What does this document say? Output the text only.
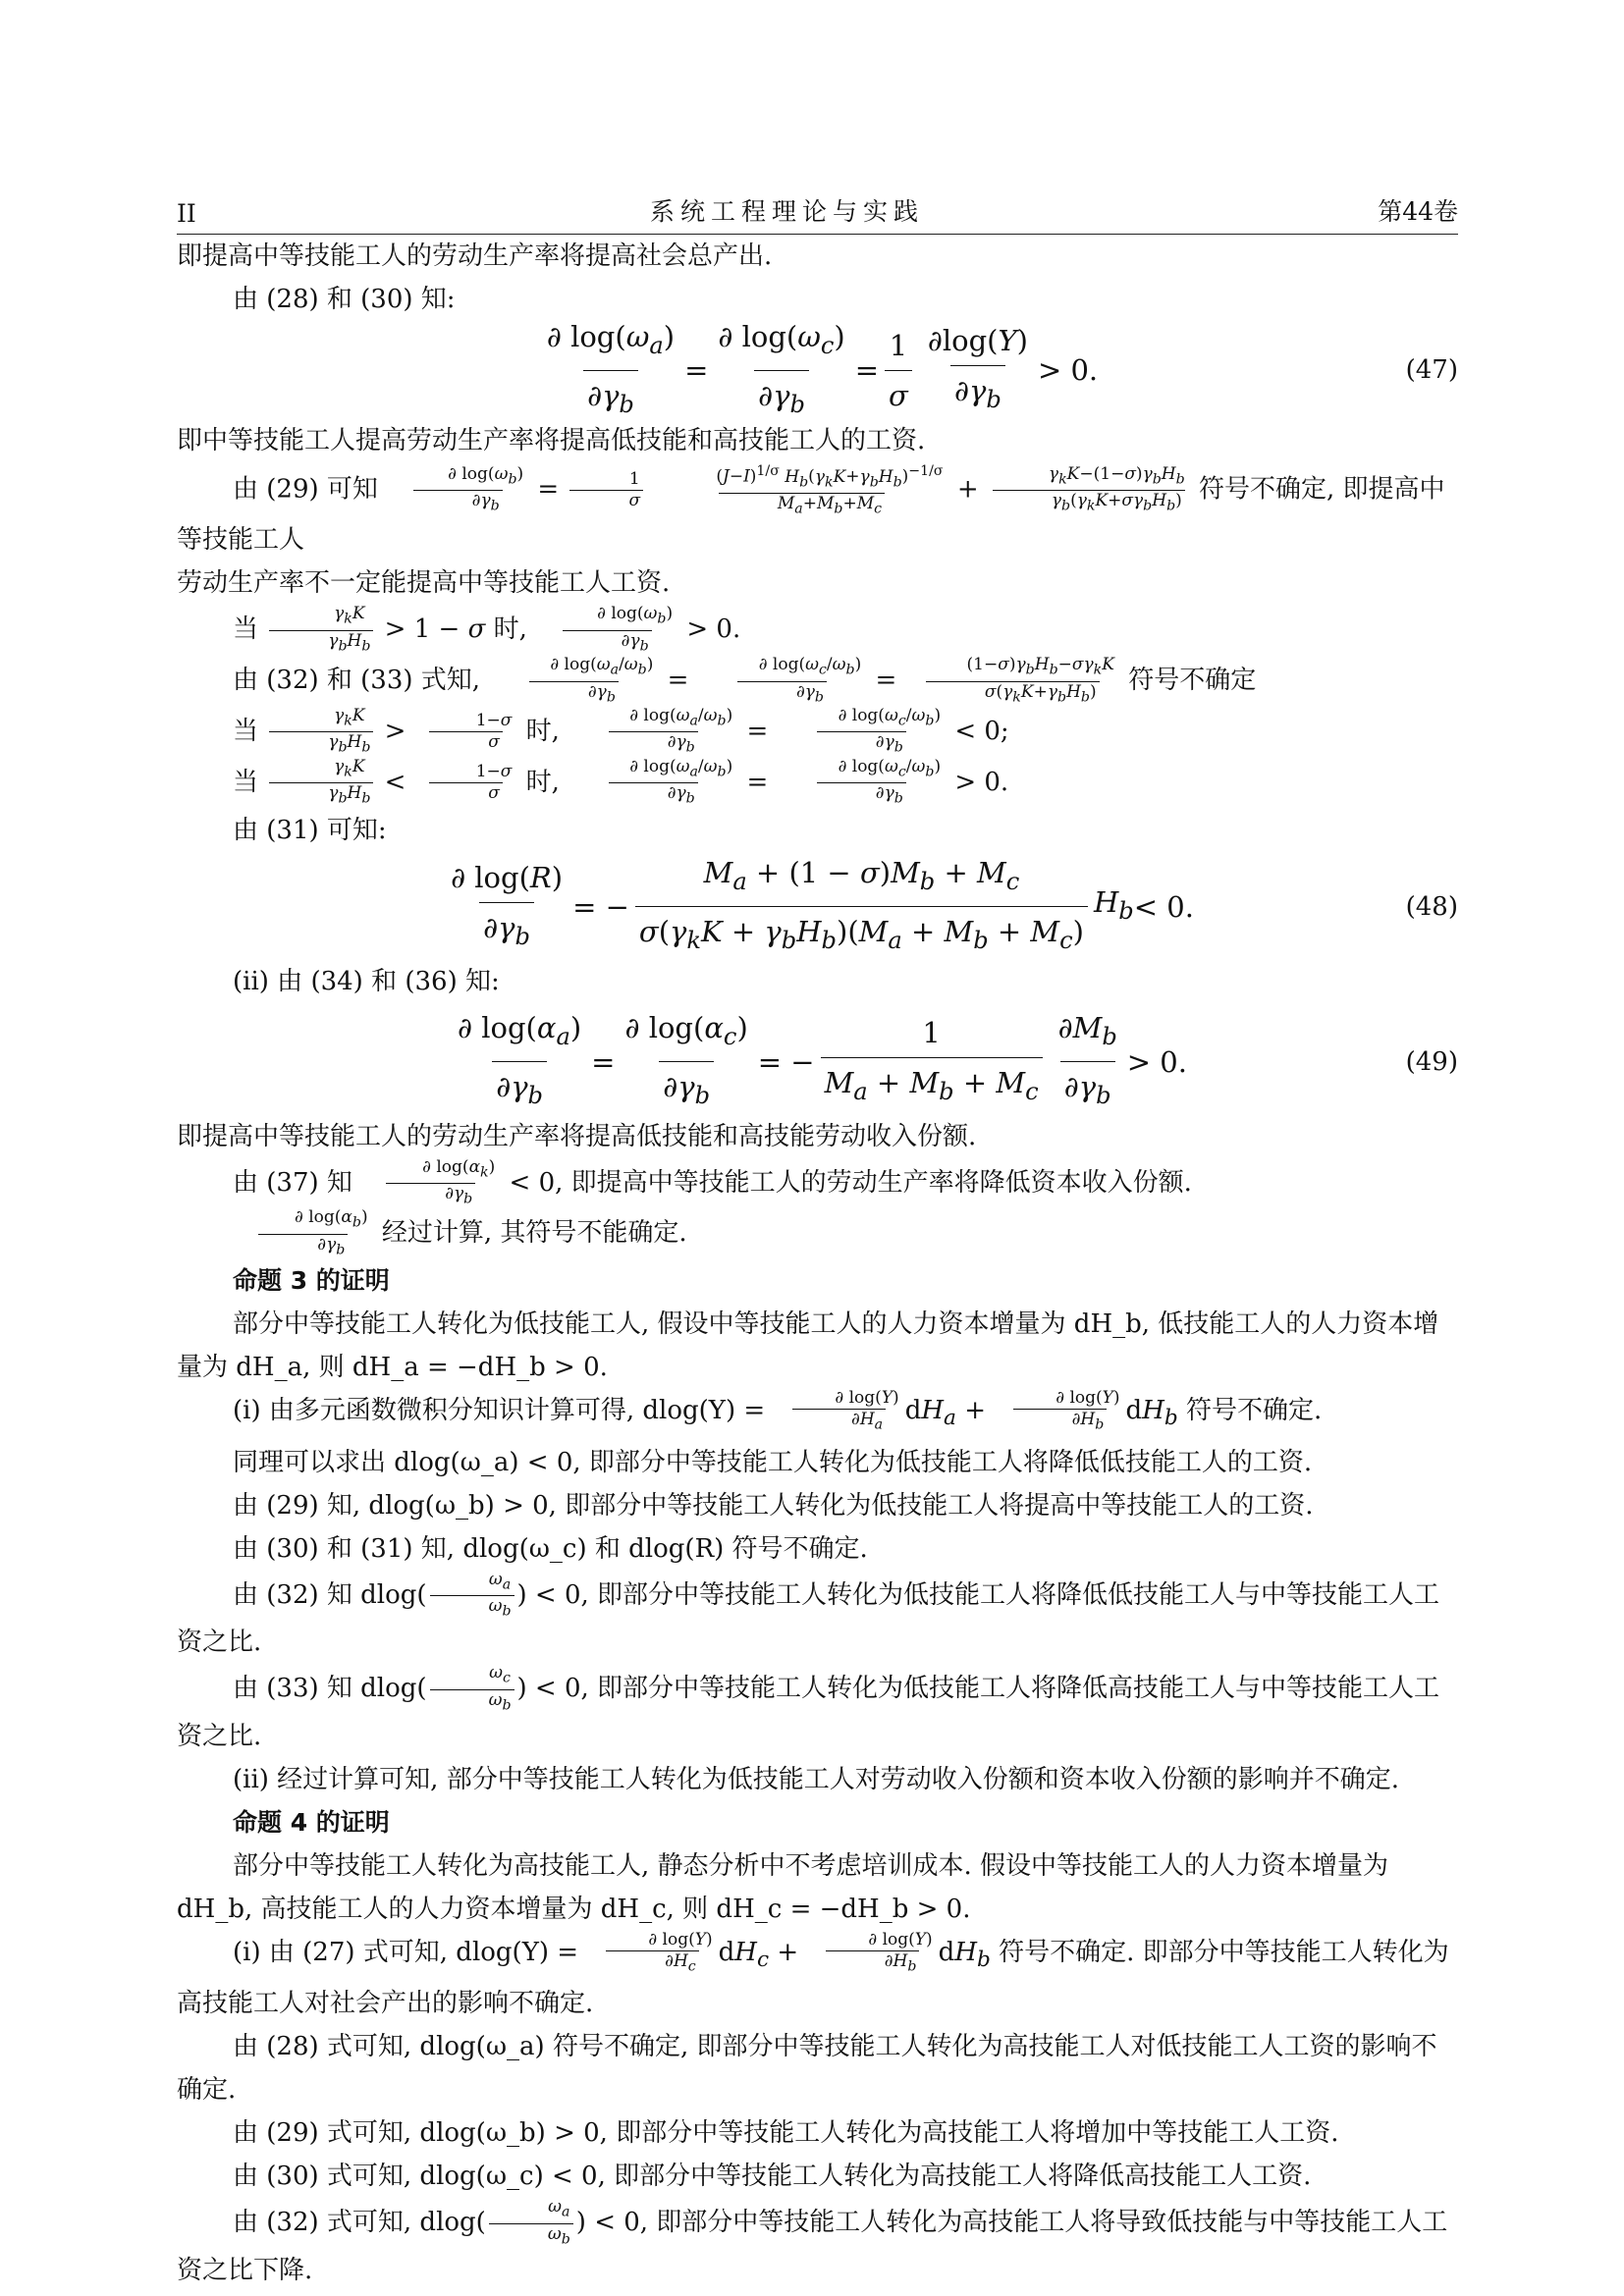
II	系统工程理论与实践	第44卷

即提高中等技能工人的劳动生产率将提高社会总产出.

由 (28) 和 (30) 知:

$\frac{\partial \log(\omega_a)}{\partial\gamma_b} = \frac{\partial \log(\omega_c)}{\partial\gamma_b} = \frac{1}{\sigma} \frac{\partial\log(Y)}{\partial\gamma_b} > 0$.	(47)

即中等技能工人提高劳动生产率将提高低技能和高技能工人的工资.

由 (29) 可知 $\frac{\partial \log(\omega_b)}{\partial\gamma_b} = \frac{1}{\sigma}$
$\frac{(J-I)^{1/\sigma} H_b(\gamma_kK+\gamma_bH_b)^{-1/\sigma}}{M_a+M_b+M_c} + \frac{\gamma_kK-(1-\sigma)\gamma_bH_b}{\gamma_b(\gamma_kK+\sigma\gamma_bH_b)}$ 符号不确定, 即提高中等技能工人

劳动生产率不一定能提高中等技能工人工资.

当 $\frac{\gamma_kK}{\gamma_bH_b} > 1 - \sigma$ 时, $\frac{\partial \log(\omega_b)}{\partial\gamma_b} > 0$.

由 (32) 和 (33) 式知, $\frac{\partial \log(\omega_a/\omega_b)}{\partial\gamma_b} = \frac{\partial \log(\omega_c/\omega_b)}{\partial\gamma_b} = \frac{(1-\sigma)\gamma_bH_b-\sigma\gamma_kK}{\sigma(\gamma_kK+\gamma_bH_b)}$ 符号不确定

当 $\frac{\gamma_kK}{\gamma_bH_b} > \frac{1-\sigma}{\sigma}$ 时, $\frac{\partial \log(\omega_a/\omega_b)}{\partial\gamma_b} = \frac{\partial \log(\omega_c/\omega_b)}{\partial\gamma_b} < 0$;

当 $\frac{\gamma_kK}{\gamma_bH_b} < \frac{1-\sigma}{\sigma}$ 时, $\frac{\partial \log(\omega_a/\omega_b)}{\partial\gamma_b} = \frac{\partial \log(\omega_c/\omega_b)}{\partial\gamma_b} > 0$.

由 (31) 可知:

$\frac{\partial \log(R)}{\partial\gamma_b}$ = − $\frac{M_a + (1 - \sigma)M_b + M_c}{\sigma(\gamma_kK + \gamma_bH_b)(M_a + M_b + M_c)} H_b < 0$.	(48)

(ii) 由 (34) 和 (36) 知:

$\frac{\partial \log(\alpha_a)}{\partial\gamma_b} = \frac{\partial \log(\alpha_c)}{\partial\gamma_b}$ = − $\frac{1}{M_a + M_b + M_c} \frac{\partial M_b}{\partial\gamma_b} > 0$.	(49)

即提高中等技能工人的劳动生产率将提高低技能和高技能劳动收入份额.

由 (37) 知 $\frac{\partial \log(\alpha_k)}{\partial\gamma_b} < 0$, 即提高中等技能工人的劳动生产率将降低资本收入份额.

$\frac{\partial \log(\alpha_b)}{\partial\gamma_b}$ 经过计算, 其符号不能确定.

命题 3 的证明

部分中等技能工人转化为低技能工人, 假设中等技能工人的人力资本增量为 dH_b, 低技能工人的人力资本增量为 dH_a, 则 dH_a = −dH_b > 0.

(i) 由多元函数微积分知识计算可得, $dlog(Y) = \frac{\partial \log(Y)}{\partial H_a} dH_a + \frac{\partial \log(Y)}{\partial H_b} dH_b$ 符号不确定.

同理可以求出 dlog(ω_a) < 0, 即部分中等技能工人转化为低技能工人将降低低技能工人的工资.

由 (29) 知, dlog(ω_b) > 0, 即部分中等技能工人转化为低技能工人将提高中等技能工人的工资.

由 (30) 和 (31) 知, dlog(ω_c) 和 dlog(R) 符号不确定.

由 (32) 知 $dlog( \frac{\omega_a}{\omega_b}$ ) < 0, 即部分中等技能工人转化为低技能工人将降低低技能工人与中等技能工人工资之比.

由 (33) 知 $dlog( \frac{\omega_c}{\omega_b}$ ) < 0, 即部分中等技能工人转化为低技能工人将降低高技能工人与中等技能工人工资之比.

(ii) 经过计算可知, 部分中等技能工人转化为低技能工人对劳动收入份额和资本收入份额的影响并不确定.

命题 4 的证明

部分中等技能工人转化为高技能工人, 静态分析中不考虑培训成本. 假设中等技能工人的人力资本增量为 dH_b, 高技能工人的人力资本增量为 dH_c, 则 dH_c = −dH_b > 0.

(i) 由 (27) 式可知, $dlog(Y) = \frac{\partial \log(Y)}{\partial H_c} dH_c + \frac{\partial \log(Y)}{\partial H_b} dH_b$ 符号不确定. 即部分中等技能工人转化为高技能工人对社会产出的影响不确定.

由 (28) 式可知, dlog(ω_a) 符号不确定, 即部分中等技能工人转化为高技能工人对低技能工人工资的影响不确定.

由 (29) 式可知, dlog(ω_b) > 0, 即部分中等技能工人转化为高技能工人将增加中等技能工人工资.

由 (30) 式可知, dlog(ω_c) < 0, 即部分中等技能工人转化为高技能工人将降低高技能工人工资.

由 (32) 式可知, $dlog( \frac{\omega_a}{\omega_b}$ ) < 0, 即部分中等技能工人转化为高技能工人将导致低技能与中等技能工人工资之比下降.
